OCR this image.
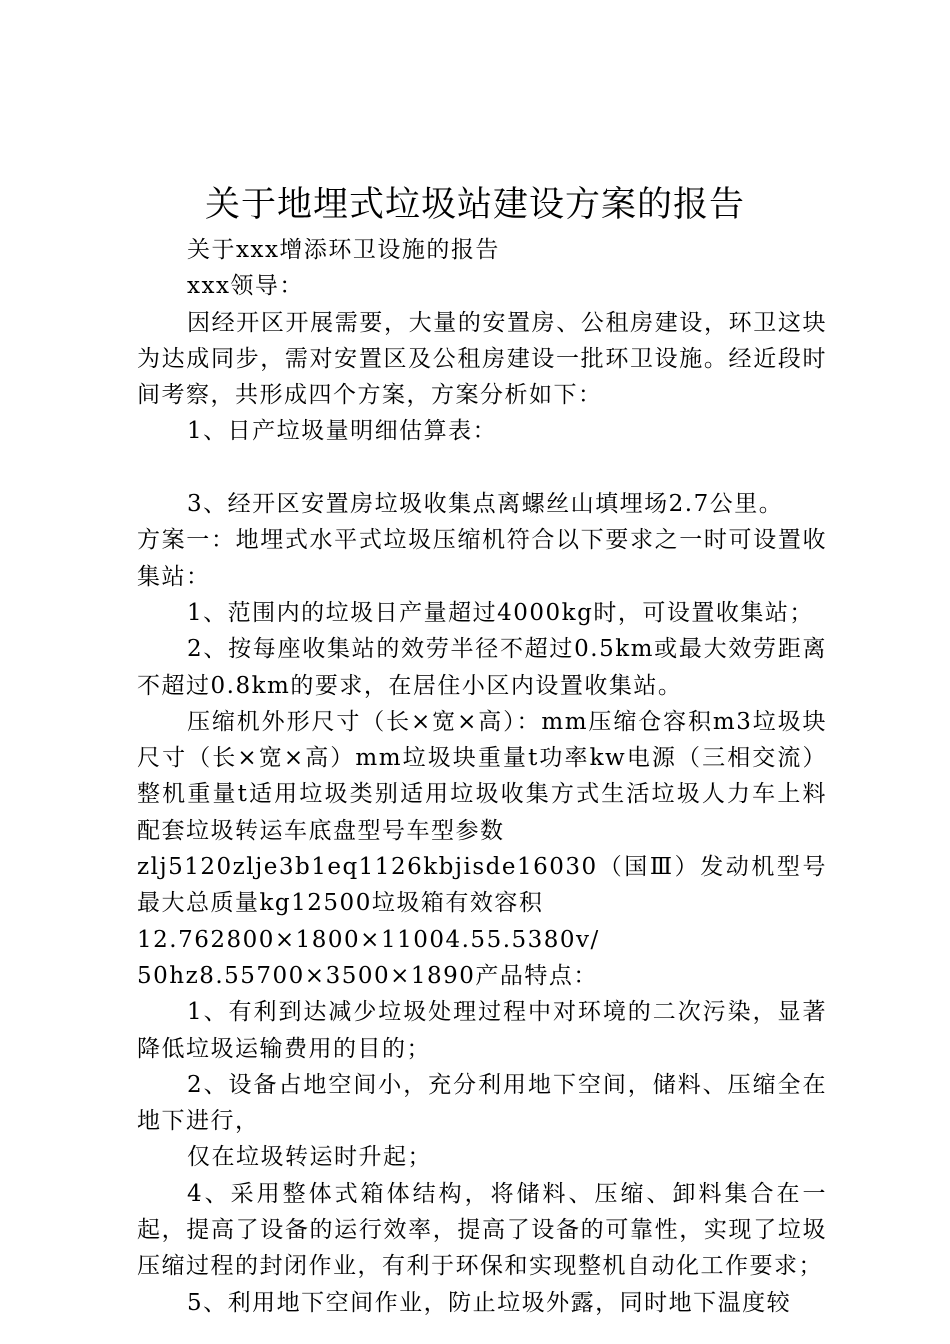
关于地埋式垃圾站建设方案的报告

关于xxx增添环卫设施的报告

xxx领导：

因经开区开展需要，大量的安置房、公租房建设，环卫这块为达成同步，需对安置区及公租房建设一批环卫设施。经近段时间考察，共形成四个方案，方案分析如下：

1、日产垃圾量明细估算表：

3、经开区安置房垃圾收集点离螺丝山填埋场2.7公里。

方案一：地埋式水平式垃圾压缩机符合以下要求之一时可设置收集站：

1、范围内的垃圾日产量超过4000kg时，可设置收集站；

2、按每座收集站的效劳半径不超过0.5km或最大效劳距离不超过0.8km的要求，在居住小区内设置收集站。

压缩机外形尺寸（长×宽×高）：mm压缩仓容积m3垃圾块尺寸（长×宽×高）mm垃圾块重量t功率kw电源（三相交流）整机重量t适用垃圾类别适用垃圾收集方式生活垃圾人力车上料配套垃圾转运车底盘型号车型参数

zlj5120zlje3b1eq1126kbjisde16030（国Ⅲ）发动机型号最大总质量kg12500垃圾箱有效容积

12.762800×1800×11004.55.5380v/

50hz8.55700×3500×1890产品特点：

1、有利到达减少垃圾处理过程中对环境的二次污染，显著降低垃圾运输费用的目的；

2、设备占地空间小，充分利用地下空间，储料、压缩全在地下进行，

仅在垃圾转运时升起；

4、采用整体式箱体结构，将储料、压缩、卸料集合在一起，提高了设备的运行效率，提高了设备的可靠性，实现了垃圾压缩过程的封闭作业，有利于环保和实现整机自动化工作要求；

5、利用地下空间作业，防止垃圾外露，同时地下温度较
